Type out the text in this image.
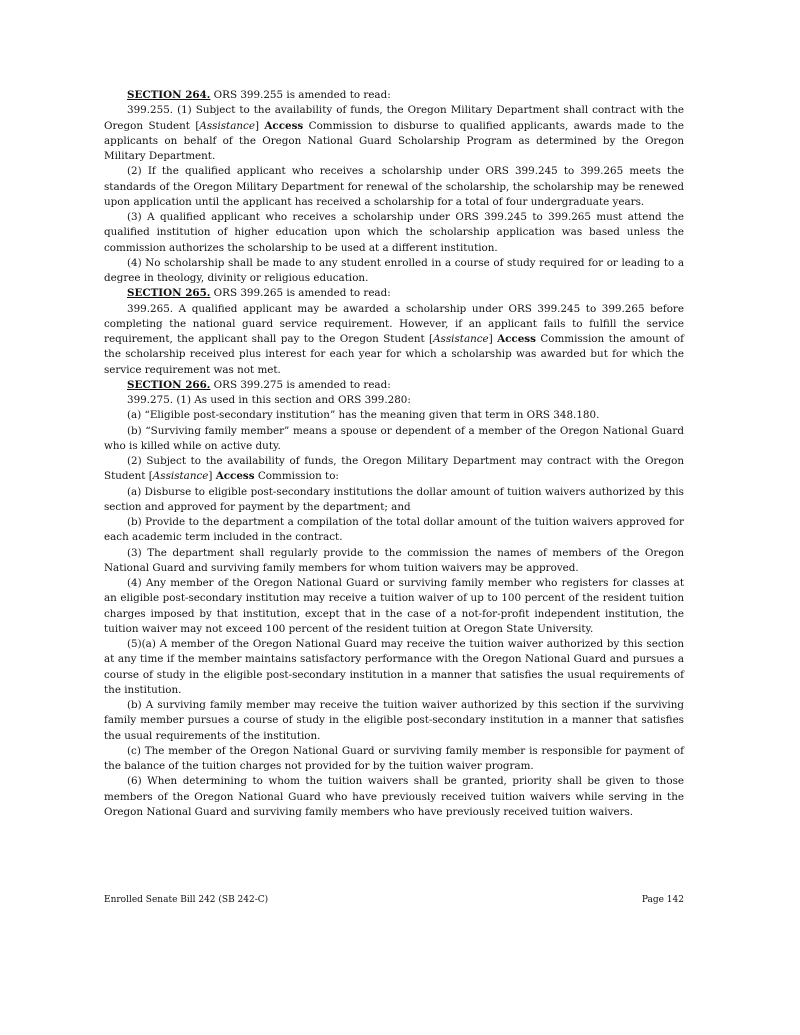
SECTION 264. ORS 399.255 is amended to read:

399.255. (1) Subject to the availability of funds, the Oregon Military Department shall contract with the Oregon Student [Assistance] Access Commission to disburse to qualified applicants, awards made to the applicants on behalf of the Oregon National Guard Scholarship Program as determined by the Oregon Military Department.

(2) If the qualified applicant who receives a scholarship under ORS 399.245 to 399.265 meets the standards of the Oregon Military Department for renewal of the scholarship, the scholarship may be renewed upon application until the applicant has received a scholarship for a total of four undergraduate years.

(3) A qualified applicant who receives a scholarship under ORS 399.245 to 399.265 must attend the qualified institution of higher education upon which the scholarship application was based unless the commission authorizes the scholarship to be used at a different institution.

(4) No scholarship shall be made to any student enrolled in a course of study required for or leading to a degree in theology, divinity or religious education.

SECTION 265. ORS 399.265 is amended to read:

399.265. A qualified applicant may be awarded a scholarship under ORS 399.245 to 399.265 before completing the national guard service requirement. However, if an applicant fails to fulfill the service requirement, the applicant shall pay to the Oregon Student [Assistance] Access Commission the amount of the scholarship received plus interest for each year for which a scholarship was awarded but for which the service requirement was not met.

SECTION 266. ORS 399.275 is amended to read:

399.275. (1) As used in this section and ORS 399.280:

(a) “Eligible post-secondary institution” has the meaning given that term in ORS 348.180.

(b) “Surviving family member” means a spouse or dependent of a member of the Oregon National Guard who is killed while on active duty.

(2) Subject to the availability of funds, the Oregon Military Department may contract with the Oregon Student [Assistance] Access Commission to:

(a) Disburse to eligible post-secondary institutions the dollar amount of tuition waivers authorized by this section and approved for payment by the department; and

(b) Provide to the department a compilation of the total dollar amount of the tuition waivers approved for each academic term included in the contract.

(3) The department shall regularly provide to the commission the names of members of the Oregon National Guard and surviving family members for whom tuition waivers may be approved.

(4) Any member of the Oregon National Guard or surviving family member who registers for classes at an eligible post-secondary institution may receive a tuition waiver of up to 100 percent of the resident tuition charges imposed by that institution, except that in the case of a not-for-profit independent institution, the tuition waiver may not exceed 100 percent of the resident tuition at Oregon State University.

(5)(a) A member of the Oregon National Guard may receive the tuition waiver authorized by this section at any time if the member maintains satisfactory performance with the Oregon National Guard and pursues a course of study in the eligible post-secondary institution in a manner that satisfies the usual requirements of the institution.

(b) A surviving family member may receive the tuition waiver authorized by this section if the surviving family member pursues a course of study in the eligible post-secondary institution in a manner that satisfies the usual requirements of the institution.

(c) The member of the Oregon National Guard or surviving family member is responsible for payment of the balance of the tuition charges not provided for by the tuition waiver program.

(6) When determining to whom the tuition waivers shall be granted, priority shall be given to those members of the Oregon National Guard who have previously received tuition waivers while serving in the Oregon National Guard and surviving family members who have previously received tuition waivers.

Enrolled Senate Bill 242 (SB 242-C)	Page 142
